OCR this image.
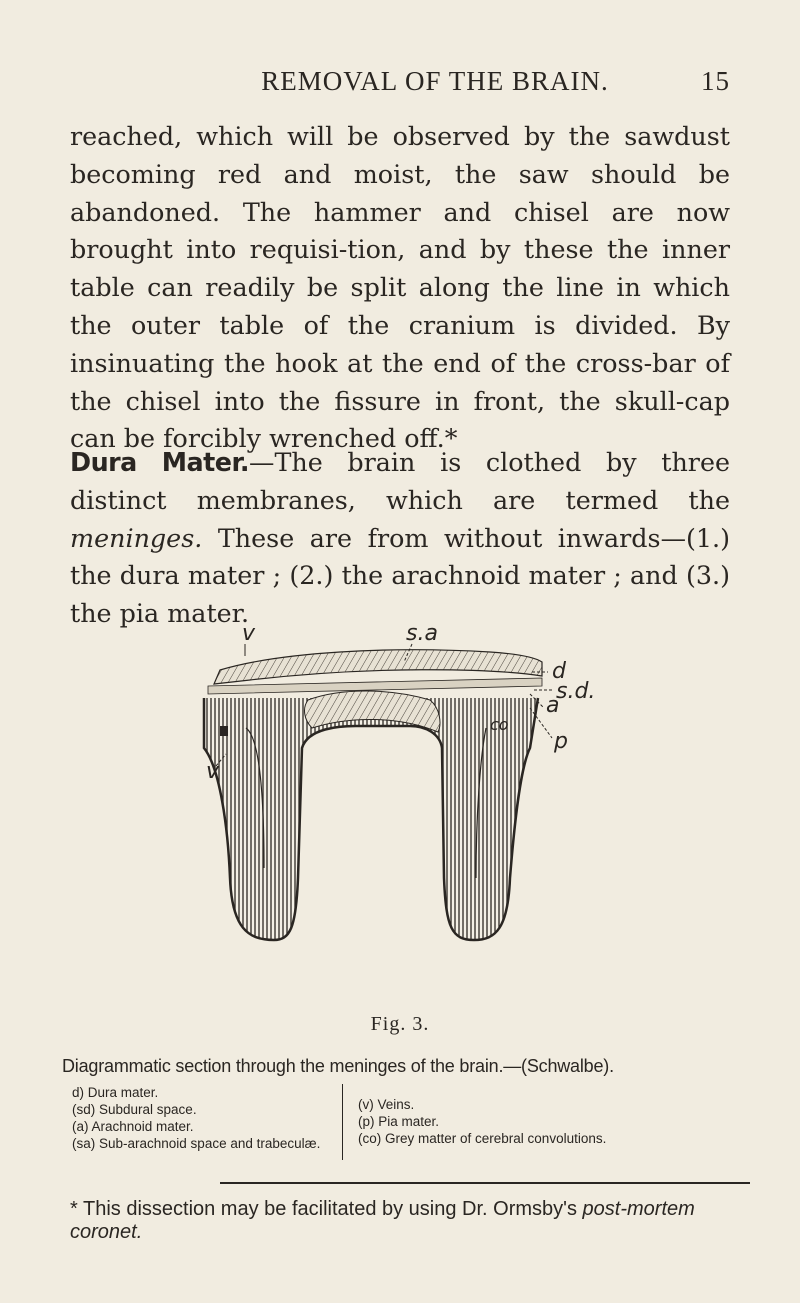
REMOVAL OF THE BRAIN.	15
reached, which will be observed by the sawdust becoming red and moist, the saw should be abandoned. The hammer and chisel are now brought into requisi-tion, and by these the inner table can readily be split along the line in which the outer table of the cranium is divided. By insinuating the hook at the end of the cross-bar of the chisel into the fissure in front, the skull-cap can be forcibly wrenched off.*
Dura Mater.—The brain is clothed by three distinct membranes, which are termed the meninges. These are from without inwards—(1.) the dura mater ; (2.) the arachnoid mater ; and (3.) the pia mater.
v	s.a
d
s.d.
a
p
v
co
Fig. 3.
Diagrammatic section through the meninges of the brain.—(Schwalbe).
d) Dura mater.
(sd) Subdural space.
(a) Arachnoid mater.
(sa) Sub-arachnoid space and trabeculæ.
(v) Veins.
(p) Pia mater.
(co) Grey matter of cerebral convolutions.
* This dissection may be facilitated by using Dr. Ormsby's post-mortem coronet.
